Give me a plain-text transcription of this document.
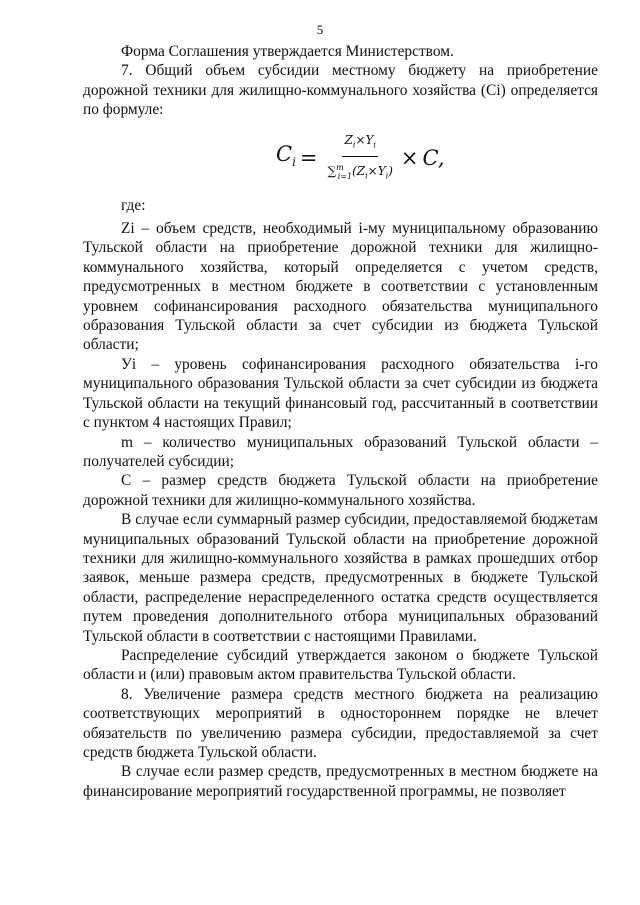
5

Форма Соглашения утверждается Министерством.

7. Общий объем субсидии местному бюджету на приобретение дорожной техники для жилищно-коммунального хозяйства (Ci) определяется по формуле:

$C_i = \frac{Z_i\times Y_i}{\sum^m_{i=1}(Z_i\times Y_i)} \times C$,

где:

Zi – объем средств, необходимый i-му муниципальному образованию Тульской области на приобретение дорожной техники для жилищно-коммунального хозяйства, который определяется с учетом средств, предусмотренных в местном бюджете в соответствии с установленным уровнем софинансирования расходного обязательства муниципального образования Тульской области за счет субсидии из бюджета Тульской области;

Уi – уровень софинансирования расходного обязательства i-го муниципального образования Тульской области за счет субсидии из бюджета Тульской области на текущий финансовый год, рассчитанный в соответствии с пунктом 4 настоящих Правил;

m – количество муниципальных образований Тульской области – получателей субсидии;

С – размер средств бюджета Тульской области на приобретение дорожной техники для жилищно-коммунального хозяйства.

В случае если суммарный размер субсидии, предоставляемой бюджетам муниципальных образований Тульской области на приобретение дорожной техники для жилищно-коммунального хозяйства в рамках прошедших отбор заявок, меньше размера средств, предусмотренных в бюджете Тульской области, распределение нераспределенного остатка средств осуществляется путем проведения дополнительного отбора муниципальных образований Тульской области в соответствии с настоящими Правилами.

Распределение субсидий утверждается законом о бюджете Тульской области и (или) правовым актом правительства Тульской области.

8. Увеличение размера средств местного бюджета на реализацию соответствующих мероприятий в одностороннем порядке не влечет обязательств по увеличению размера субсидии, предоставляемой за счет средств бюджета Тульской области.

В случае если размер средств, предусмотренных в местном бюджете на финансирование мероприятий государственной программы, не позволяет
